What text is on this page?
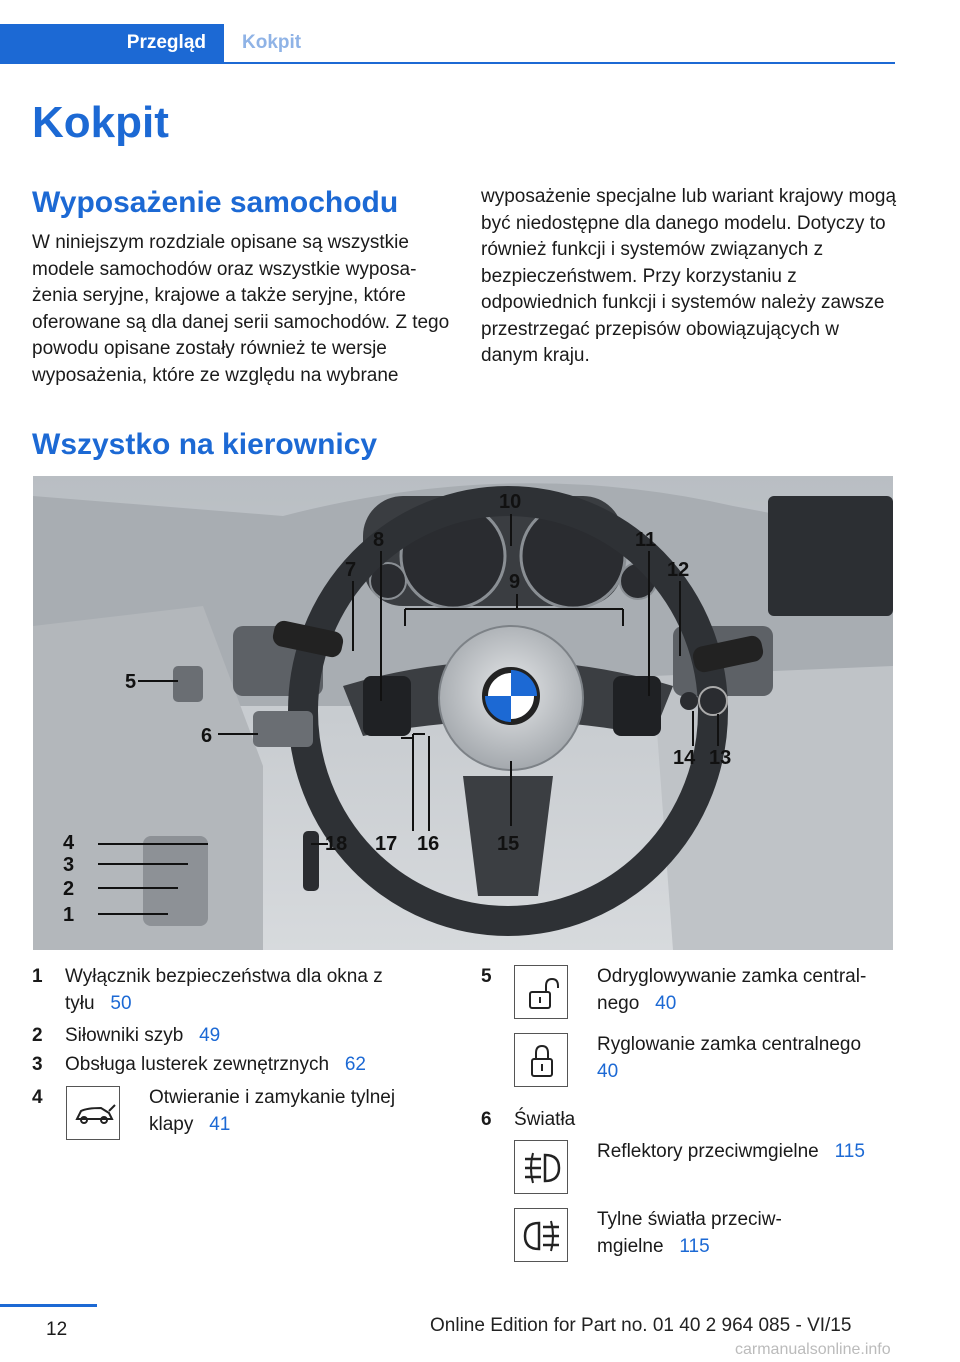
Przegląd	Kokpit
Kokpit
Wyposażenie samochodu
W niniejszym rozdziale opisane są wszystkie modele samochodów oraz wszystkie wyposażenia seryjne, krajowe a także seryjne, które oferowane są dla danej serii samochodów. Z tego powodu opisane zostały również te wersje wyposażenia, które ze względu na wybrane
wyposażenie specjalne lub wariant krajowy mogą być niedostępne dla danego modelu. Dotyczy to również funkcji i systemów związanych z bezpieczeństwem. Przy korzystaniu z odpowiednich funkcji i systemów należy zawsze przestrzegać przepisów obowiązujących w danym kraju.
Wszystko na kierownicy
1
2
3
4
5
6
7
8
9
10
11
12
13
14
15
16
17
18
1 Wyłącznik bezpieczeństwa dla okna z tyłu 50
2 Siłowniki szyb 49
3 Obsługa lusterek zewnętrznych 62
4	Otwieranie i zamykanie tylnej klapy 41
5	Odryglowywanie zamka centralnego 40
Ryglowanie zamka centralnego   40
6 Światła
Reflektory przeciwmgielne 115
Tylne światła przeciwmgielne 115
12	Online Edition for Part no. 01 40 2 964 085 - VI/15
carmanualsonline.info
